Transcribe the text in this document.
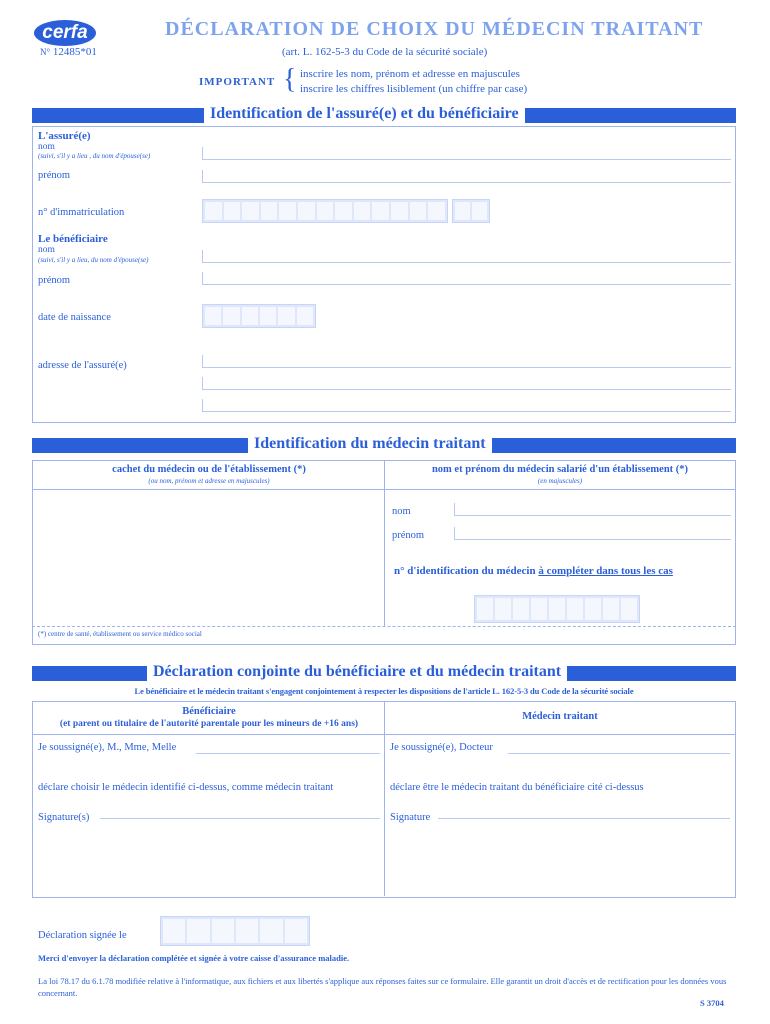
cerfa	DÉCLARATION DE CHOIX DU MÉDECIN TRAITANT
N° 12485*01	(art. L. 162-5-3 du Code de la sécurité sociale)
IMPORTANT { inscrire les nom, prénom et adresse en majuscules
inscrire les chiffres lisiblement (un chiffre par case)
Identification de l'assuré(e) et du bénéficiaire
L'assuré(e)
nom
(suivi, s'il y a lieu , du nom d'épouse(se)
prénom
n° d'immatriculation
Le bénéficiaire
nom
(suivi, s'il y a lieu, du nom d'épouse(se)
prénom
date de naissance
adresse de l'assuré(e)
Identification du médecin traitant
cachet du médecin ou de l'établissement (*)
(ou nom, prénom et adresse en majuscules)
nom et prénom du médecin salarié d'un établissement (*)
(en majuscules)
nom
prénom
n° d'identification du médecin à compléter dans tous les cas
(*) centre de santé, établissement ou service médico social
Déclaration conjointe du bénéficiaire et du médecin traitant
Le bénéficiaire et le médecin traitant s'engagent conjointement à respecter les dispositions de l'article L. 162-5-3 du Code de la sécurité sociale
Bénéficiaire
(et parent ou titulaire de l'autorité parentale pour les mineurs de +16 ans)
Médecin traitant
Je soussigné(e), M., Mme, Melle
déclare choisir le médecin identifié ci-dessus, comme médecin traitant
Signature(s)
Je soussigné(e), Docteur
déclare être le médecin traitant du bénéficiaire cité ci-dessus
Signature
Déclaration signée le
Merci d'envoyer la déclaration complétée et signée à votre caisse d'assurance maladie.
La loi 78.17 du 6.1.78 modifiée relative à l'informatique, aux fichiers et aux libertés s'applique aux réponses faites sur ce formulaire. Elle garantit un droit d'accès et de rectification pour les données vous concernant.
S 3704
